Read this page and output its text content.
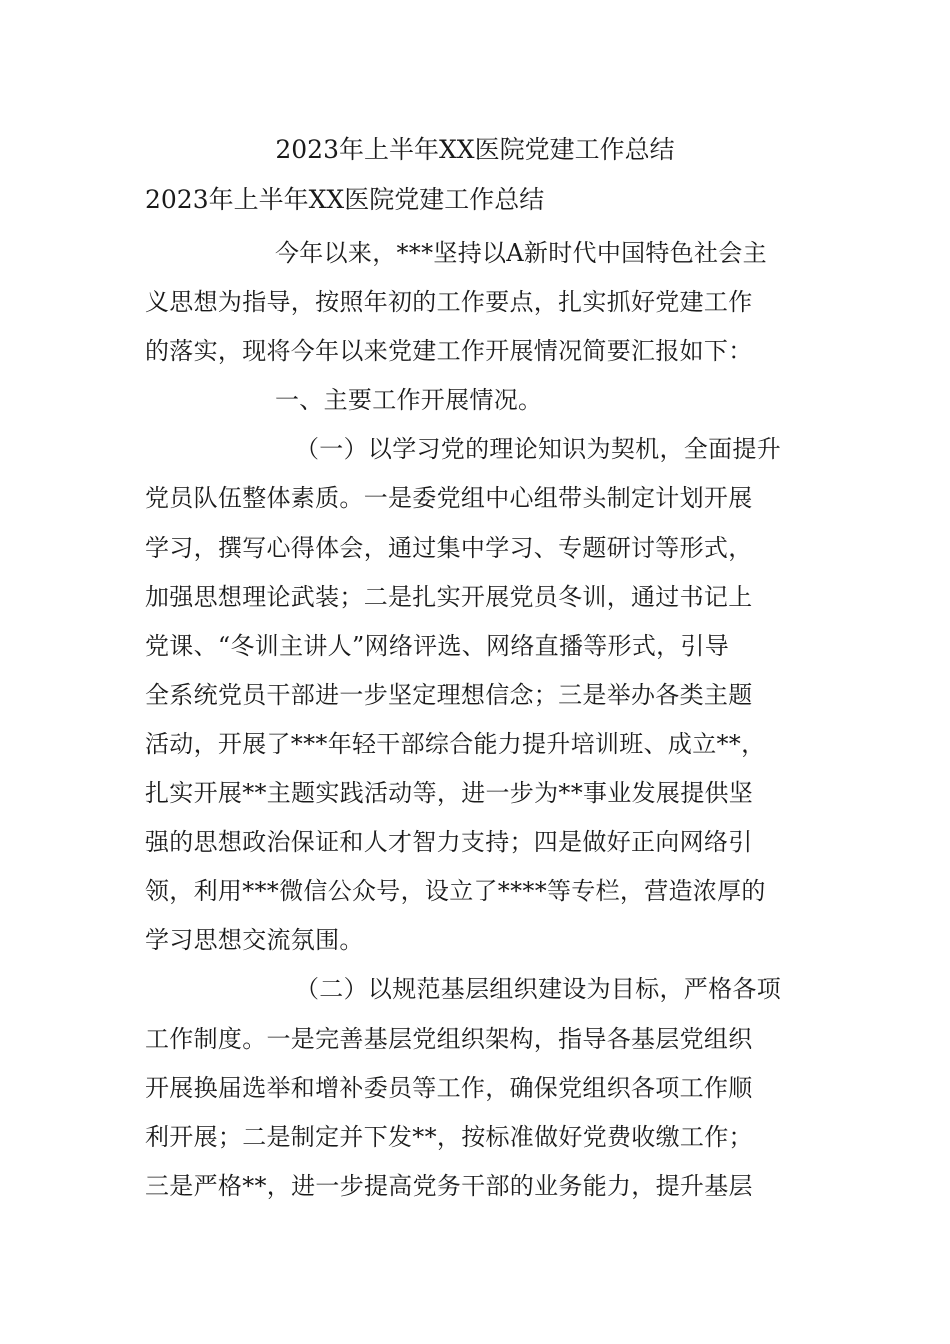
2023年上半年XX医院党建工作总结
2023年上半年XX医院党建工作总结
今年以来，***坚持以A新时代中国特色社会主
义思想为指导，按照年初的工作要点，扎实抓好党建工作
的落实，现将今年以来党建工作开展情况简要汇报如下：
一、主要工作开展情况。
（一）以学习党的理论知识为契机，全面提升
党员队伍整体素质。一是委党组中心组带头制定计划开展
学习，撰写心得体会，通过集中学习、专题研讨等形式，
加强思想理论武装；二是扎实开展党员冬训，通过书记上
党课、“冬训主讲人”网络评选、网络直播等形式，引导
全系统党员干部进一步坚定理想信念；三是举办各类主题
活动，开展了***年轻干部综合能力提升培训班、成立**，
扎实开展**主题实践活动等，进一步为**事业发展提供坚
强的思想政治保证和人才智力支持；四是做好正向网络引
领，利用***微信公众号，设立了****等专栏，营造浓厚的
学习思想交流氛围。
（二）以规范基层组织建设为目标，严格各项
工作制度。一是完善基层党组织架构，指导各基层党组织
开展换届选举和增补委员等工作，确保党组织各项工作顺
利开展；二是制定并下发**，按标准做好党费收缴工作；
三是严格**，进一步提高党务干部的业务能力，提升基层
